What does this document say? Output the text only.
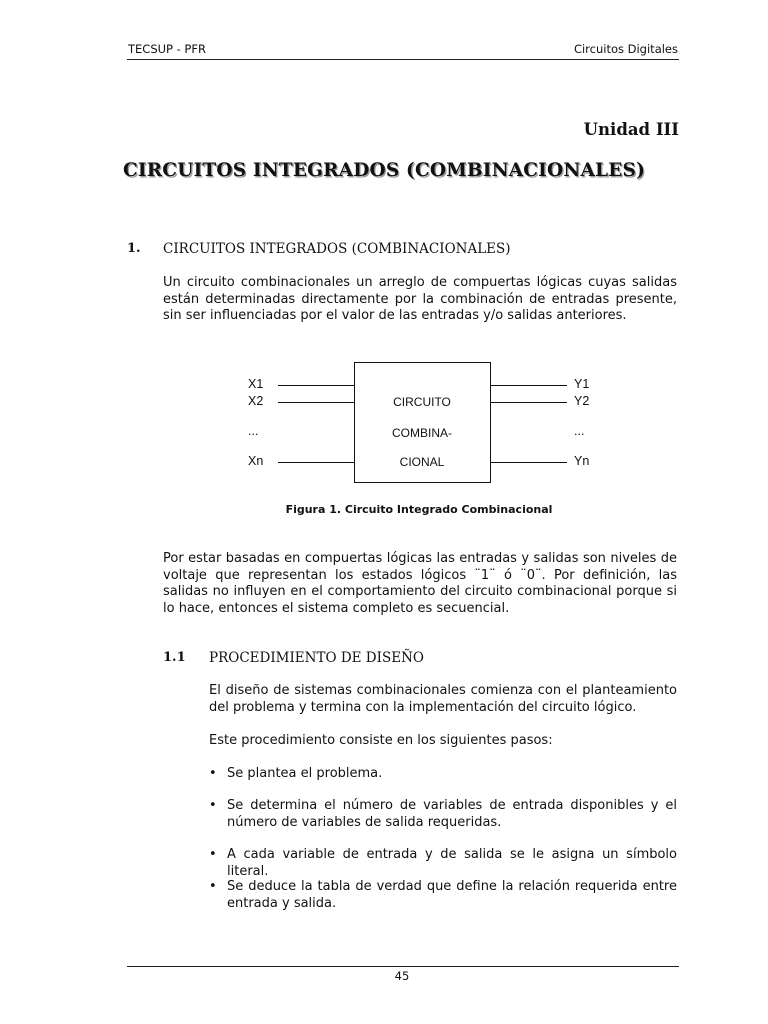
TECSUP - PFR	Circuitos Digitales
Unidad III
CIRCUITOS INTEGRADOS (COMBINACIONALES)
1. CIRCUITOS INTEGRADOS (COMBINACIONALES)
Un circuito combinacionales un arreglo de compuertas lógicas cuyas salidas están determinadas directamente por la combinación de entradas presente, sin ser influenciadas por el valor de las entradas y/o salidas anteriores.
X1
X2
...
Xn
Y1
Y2
...
Yn
CIRCUITO
COMBINA-
CIONAL
Figura 1. Circuito Integrado Combinacional
Por estar basadas en compuertas lógicas las entradas y salidas son niveles de voltaje que representan los estados lógicos ¨1¨ ó ¨0¨. Por definición, las salidas no influyen en el comportamiento del circuito combinacional porque si lo hace, entonces el sistema completo es secuencial.
1.1 PROCEDIMIENTO DE DISEÑO
El diseño de sistemas combinacionales comienza con el planteamiento del problema y termina con la implementación del circuito lógico.
Este procedimiento consiste en los siguientes pasos:
• Se plantea el problema.
• Se determina el número de variables de entrada disponibles y el número de variables de salida requeridas.
• A cada variable de entrada y de salida se le asigna un símbolo literal.
• Se deduce la tabla de verdad que define la relación requerida entre entrada y salida.
45
